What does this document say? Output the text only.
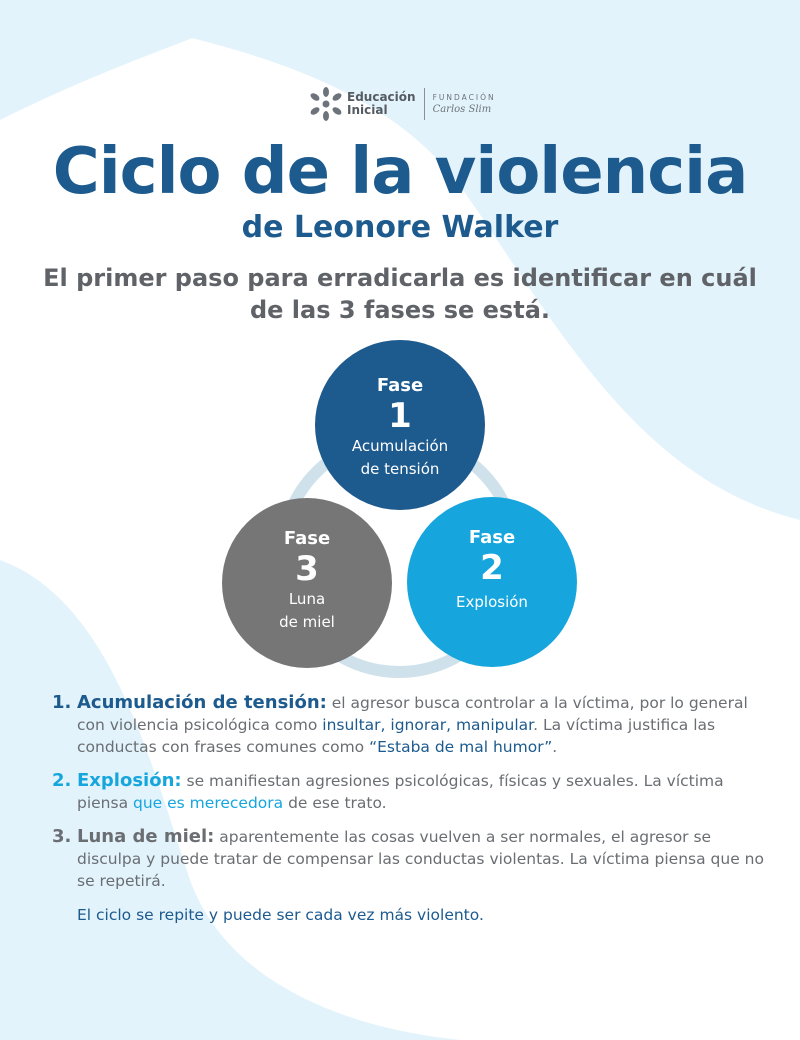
Educación
Inicial
FUNDACIÓN
Carlos Slim
Ciclo de la violencia
de Leonore Walker

El primer paso para erradicarla es identificar en cuál
de las 3 fases se está.

Fase
1
Acumulación
de tensión
Fase
2
Explosión
Fase
3
Luna
de miel
1. Acumulación de tensión: el agresor busca controlar a la víctima, por lo general con violencia psicológica como insultar, ignorar, manipular. La víctima justifica las conductas con frases comunes como “Estaba de mal humor”.
2. Explosión: se manifiestan agresiones psicológicas, físicas y sexuales. La víctima piensa que es merecedora de ese trato.
3. Luna de miel: aparentemente las cosas vuelven a ser normales, el agresor se disculpa y puede tratar de compensar las conductas violentas. La víctima piensa que no se repetirá.
El ciclo se repite y puede ser cada vez más violento.
